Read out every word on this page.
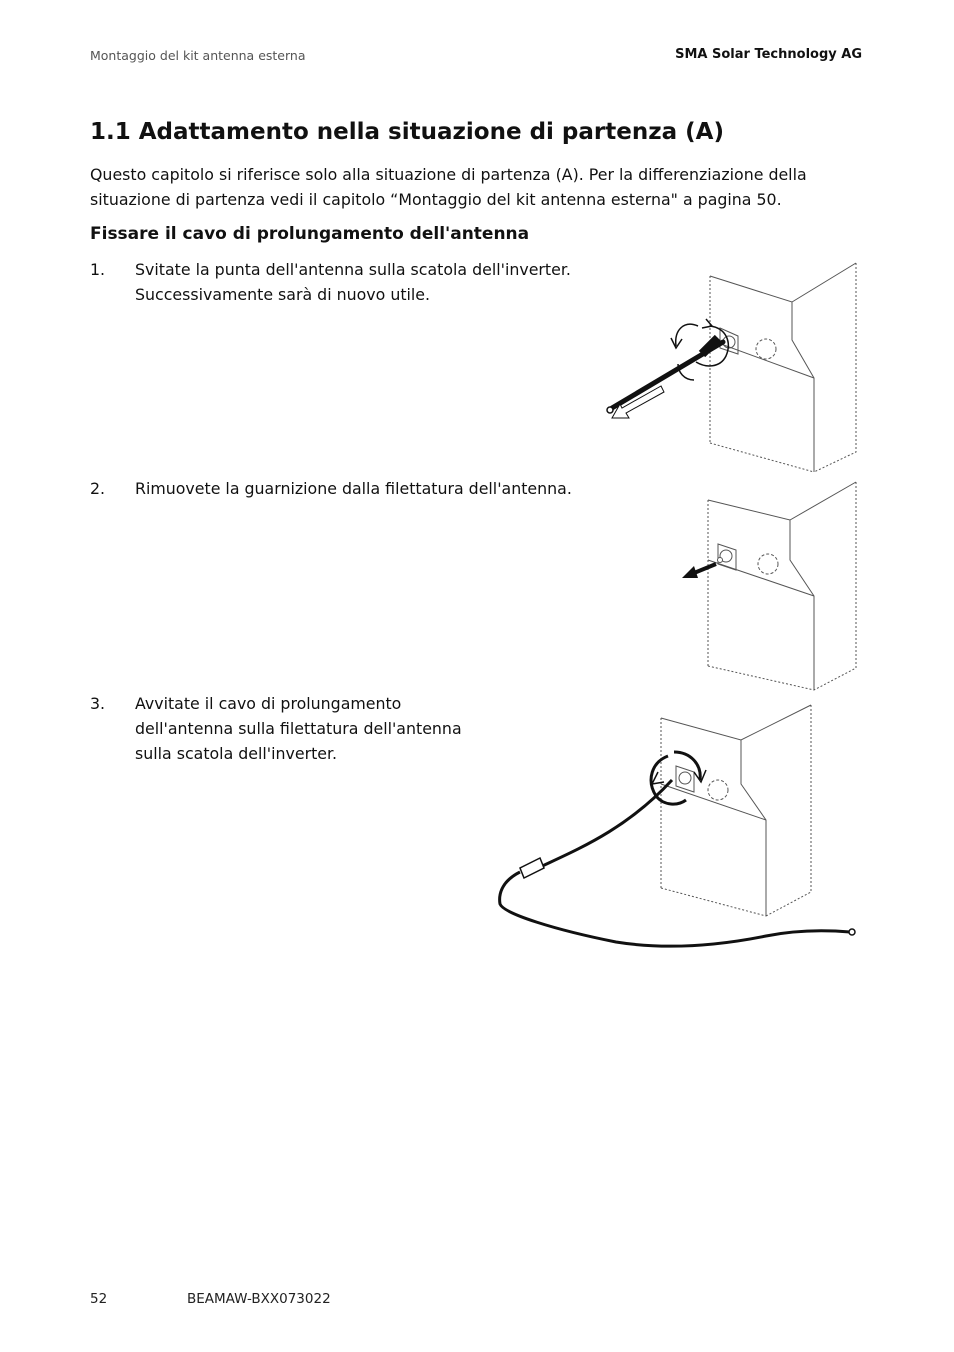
Montaggio del kit antenna esterna	SMA Solar Technology AG
1.1 Adattamento nella situazione di partenza (A)

Questo capitolo si riferisce solo alla situazione di partenza (A). Per la differenziazione della situazione di partenza vedi il capitolo “Montaggio del kit antenna esterna" a pagina 50.

Fissare il cavo di prolungamento dell'antenna
1. Svitate la punta dell'antenna sulla scatola dell'inverter.

Successivamente sarà di nuovo utile.

2. Rimuovete la guarnizione dalla filettatura dell'antenna.

3. Avvitate il cavo di prolungamento

dell'antenna sulla filettatura dell'antenna

sulla scatola dell'inverter.

52	BEAMAW-BXX073022
